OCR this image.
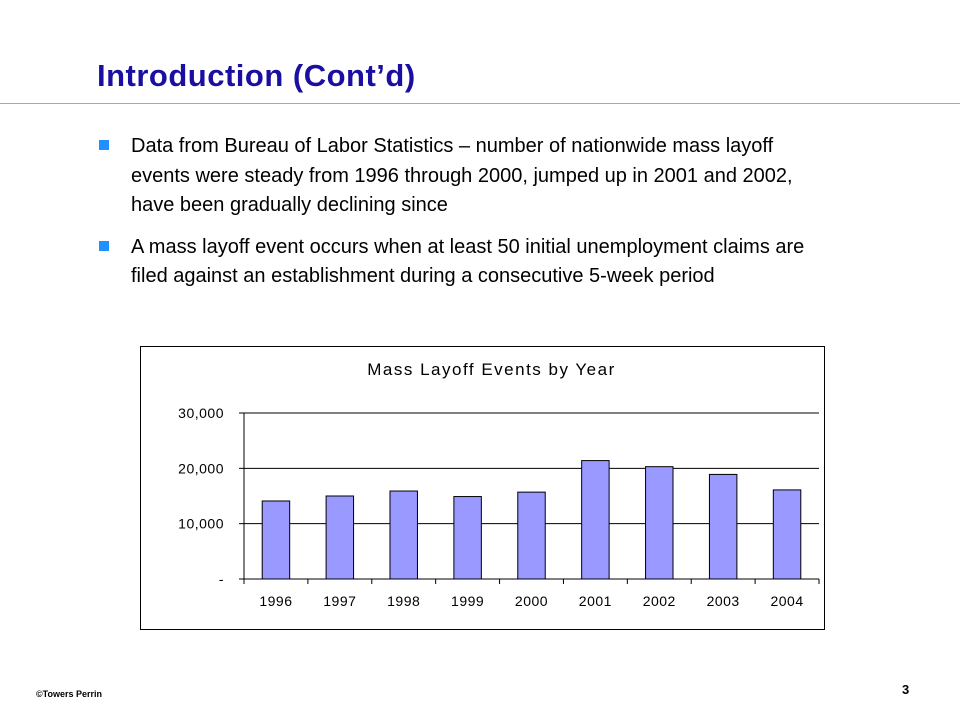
Introduction (Cont’d)
Data from Bureau of Labor Statistics – number of nationwide mass layoff events were steady from 1996 through 2000, jumped up in 2001 and 2002, have been gradually declining since
A mass layoff event occurs when at least 50 initial unemployment claims are filed against an establishment during a consecutive 5-week period
Mass Layoff Events by Year
-
10,000
20,000
30,000
1996 1997 1998 1999 2000 2001 2002 2003 2004
©Towers Perrin	3
